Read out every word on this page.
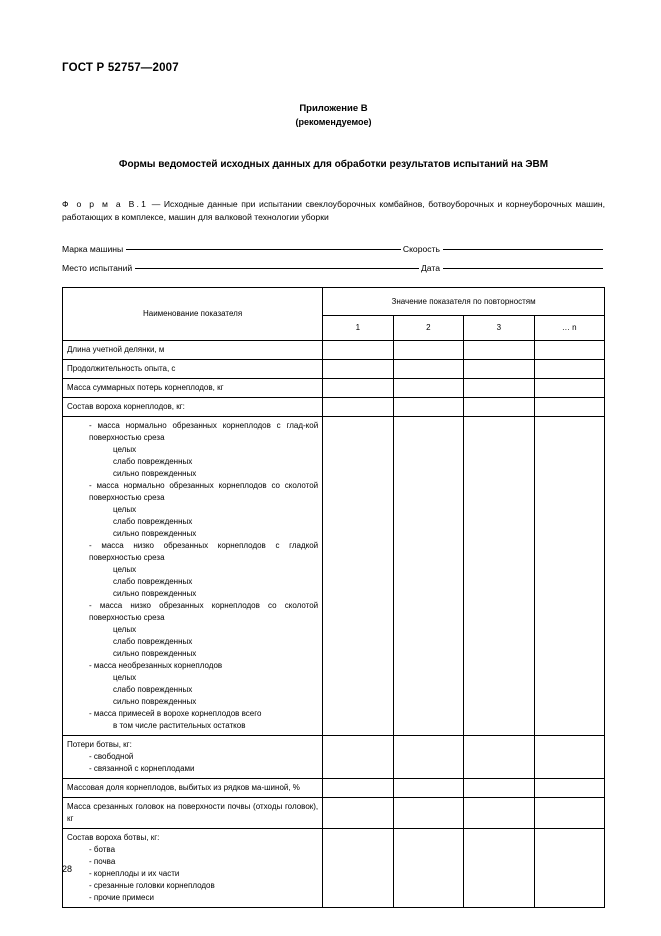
ГОСТ Р 52757—2007
Приложение В
(рекомендуемое)
Формы ведомостей исходных данных для обработки результатов испытаний на ЭВМ

Ф о р м а В.1 — Исходные данные при испытании свеклоуборочных комбайнов, ботвоуборочных и корнеуборочных машин, работающих в комплексе, машин для валковой технологии уборки

Марка машины	Скорость
Место испытаний	Дата
Наименование показателя	Значение показателя по повторностям			
	1	2	3	… n

Длина учетной делянки, м				

Продолжительность опыта, с				

Масса суммарных потерь корнеплодов, кг				

Состав вороха корнеплодов, кг:				

- масса нормально обрезанных корнеплодов с глад-кой поверхностью среза
целых
слабо поврежденных
сильно поврежденных
- масса нормально обрезанных корнеплодов со сколотой поверхностью среза
целых
слабо поврежденных
сильно поврежденных
- масса низко обрезанных корнеплодов с гладкой поверхностью среза
целых
слабо поврежденных
сильно поврежденных
- масса низко обрезанных корнеплодов со сколотой поверхностью среза
целых
слабо поврежденных
сильно поврежденных
- масса необрезанных корнеплодов
целых
слабо поврежденных
сильно поврежденных
- масса примесей в ворохе корнеплодов всего
в том числе растительных остатков

Потери ботвы, кг:
- свободной
- связанной с корнеплодами				

Массовая доля корнеплодов, выбитых из рядков ма-шиной, %				

Масса срезанных головок на поверхности почвы (отходы головок), кг				

Состав вороха ботвы, кг:
- ботва
- почва
- корнеплоды и их части
- срезанные головки корнеплодов
- прочие примеси

28
